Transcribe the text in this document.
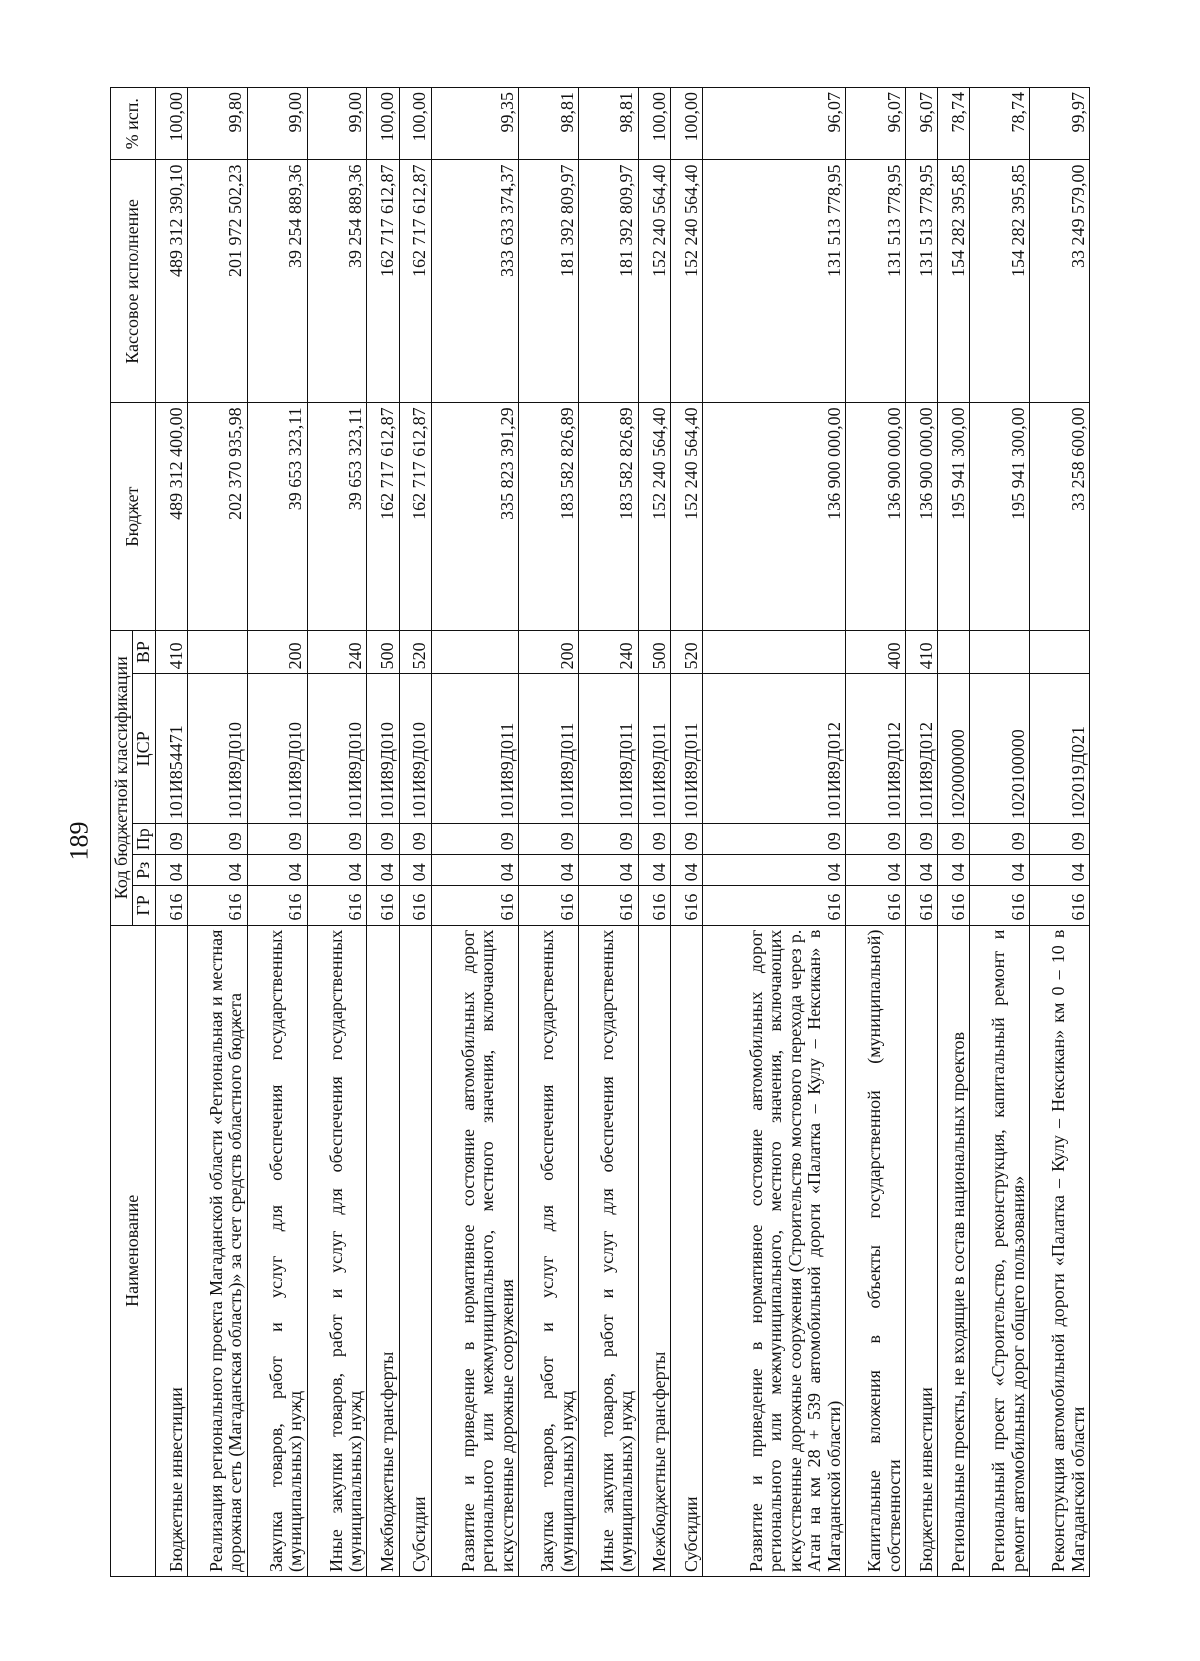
189
Наименование	Код бюджетной классификации					Бюджет	Кассовое исполнение	% исп.
	ГР	Рз	Пр	ЦСР	ВР			
Бюджетные инвестиции	616	04	09	101И854471	410	489 312 400,00	489 312 390,10	100,00
Реализация регионального проекта Магаданской области «Региональная и местная дорожная сеть (Магаданская область)» за счет средств областного бюджета	616	04	09	101И89Д010		202 370 935,98	201 972 502,23	99,80
Закупка товаров, работ и услуг для обеспечения государственных (муниципальных) нужд	616	04	09	101И89Д010	200	39 653 323,11	39 254 889,36	99,00
Иные закупки товаров, работ и услуг для обеспечения государственных (муниципальных) нужд	616	04	09	101И89Д010	240	39 653 323,11	39 254 889,36	99,00
Межбюджетные трансферты	616	04	09	101И89Д010	500	162 717 612,87	162 717 612,87	100,00
Субсидии	616	04	09	101И89Д010	520	162 717 612,87	162 717 612,87	100,00
Развитие и приведение в нормативное состояние автомобильных дорог регионального или межмуниципального, местного значения, включающих искусственные дорожные сооружения	616	04	09	101И89Д011		335 823 391,29	333 633 374,37	99,35
Закупка товаров, работ и услуг для обеспечения государственных (муниципальных) нужд	616	04	09	101И89Д011	200	183 582 826,89	181 392 809,97	98,81
Иные закупки товаров, работ и услуг для обеспечения государственных (муниципальных) нужд	616	04	09	101И89Д011	240	183 582 826,89	181 392 809,97	98,81
Межбюджетные трансферты	616	04	09	101И89Д011	500	152 240 564,40	152 240 564,40	100,00
Субсидии	616	04	09	101И89Д011	520	152 240 564,40	152 240 564,40	100,00
Развитие и приведение в нормативное состояние автомобильных дорог регионального или межмуниципального, местного значения, включающих искусственные дорожные сооружения (Строительство мостового перехода через р. Аган на км 28 + 539 автомобильной дороги «Палатка – Кулу – Нексикан» в Магаданской области)	616	04	09	101И89Д012		136 900 000,00	131 513 778,95	96,07
Капитальные вложения в объекты государственной (муниципальной) собственности	616	04	09	101И89Д012	400	136 900 000,00	131 513 778,95	96,07
Бюджетные инвестиции	616	04	09	101И89Д012	410	136 900 000,00	131 513 778,95	96,07
Региональные проекты, не входящие в состав национальных проектов	616	04	09	1020000000		195 941 300,00	154 282 395,85	78,74
Региональный проект «Строительство, реконструкция, капитальный ремонт и ремонт автомобильных дорог общего пользования»	616	04	09	1020100000		195 941 300,00	154 282 395,85	78,74
Реконструкция автомобильной дороги «Палатка – Кулу – Нексикан» км 0 – 10 в Магаданской области	616	04	09	102019Д021		33 258 600,00	33 249 579,00	99,97
